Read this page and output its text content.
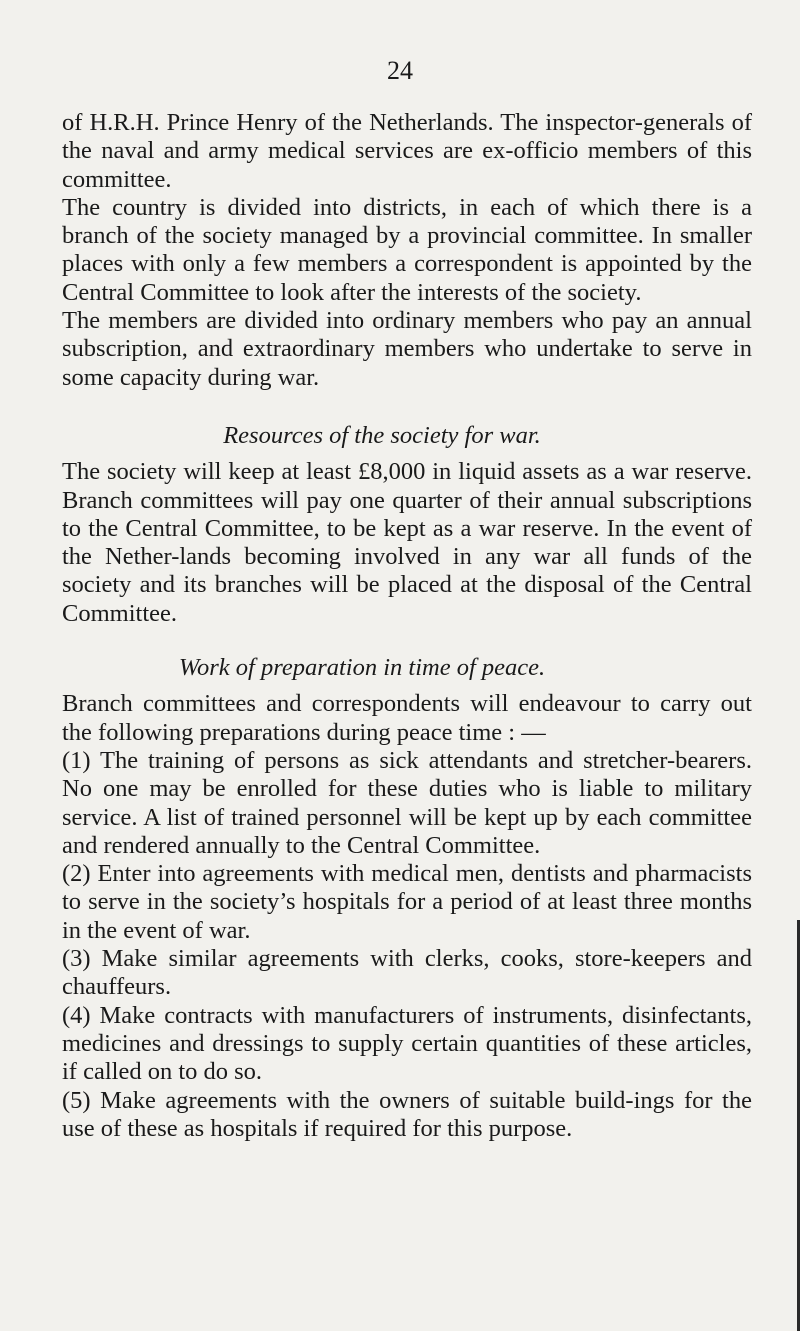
24

of H.R.H. Prince Henry of the Netherlands. The inspector-generals of the naval and army medical services are ex-officio members of this committee.

The country is divided into districts, in each of which there is a branch of the society managed by a provincial committee. In smaller places with only a few members a correspondent is appointed by the Central Committee to look after the interests of the society.

The members are divided into ordinary members who pay an annual subscription, and extraordinary members who undertake to serve in some capacity during war.

Resources of the society for war.

The society will keep at least £8,000 in liquid assets as a war reserve. Branch committees will pay one quarter of their annual subscriptions to the Central Committee, to be kept as a war reserve. In the event of the Nether-lands becoming involved in any war all funds of the society and its branches will be placed at the disposal of the Central Committee.

Work of preparation in time of peace.

Branch committees and correspondents will endeavour to carry out the following preparations during peace time : —

(1) The training of persons as sick attendants and stretcher-bearers. No one may be enrolled for these duties who is liable to military service. A list of trained personnel will be kept up by each committee and rendered annually to the Central Committee.

(2) Enter into agreements with medical men, dentists and pharmacists to serve in the society’s hospitals for a period of at least three months in the event of war.

(3) Make similar agreements with clerks, cooks, store-keepers and chauffeurs.

(4) Make contracts with manufacturers of instruments, disinfectants, medicines and dressings to supply certain quantities of these articles, if called on to do so.

(5) Make agreements with the owners of suitable build-ings for the use of these as hospitals if required for this purpose.
